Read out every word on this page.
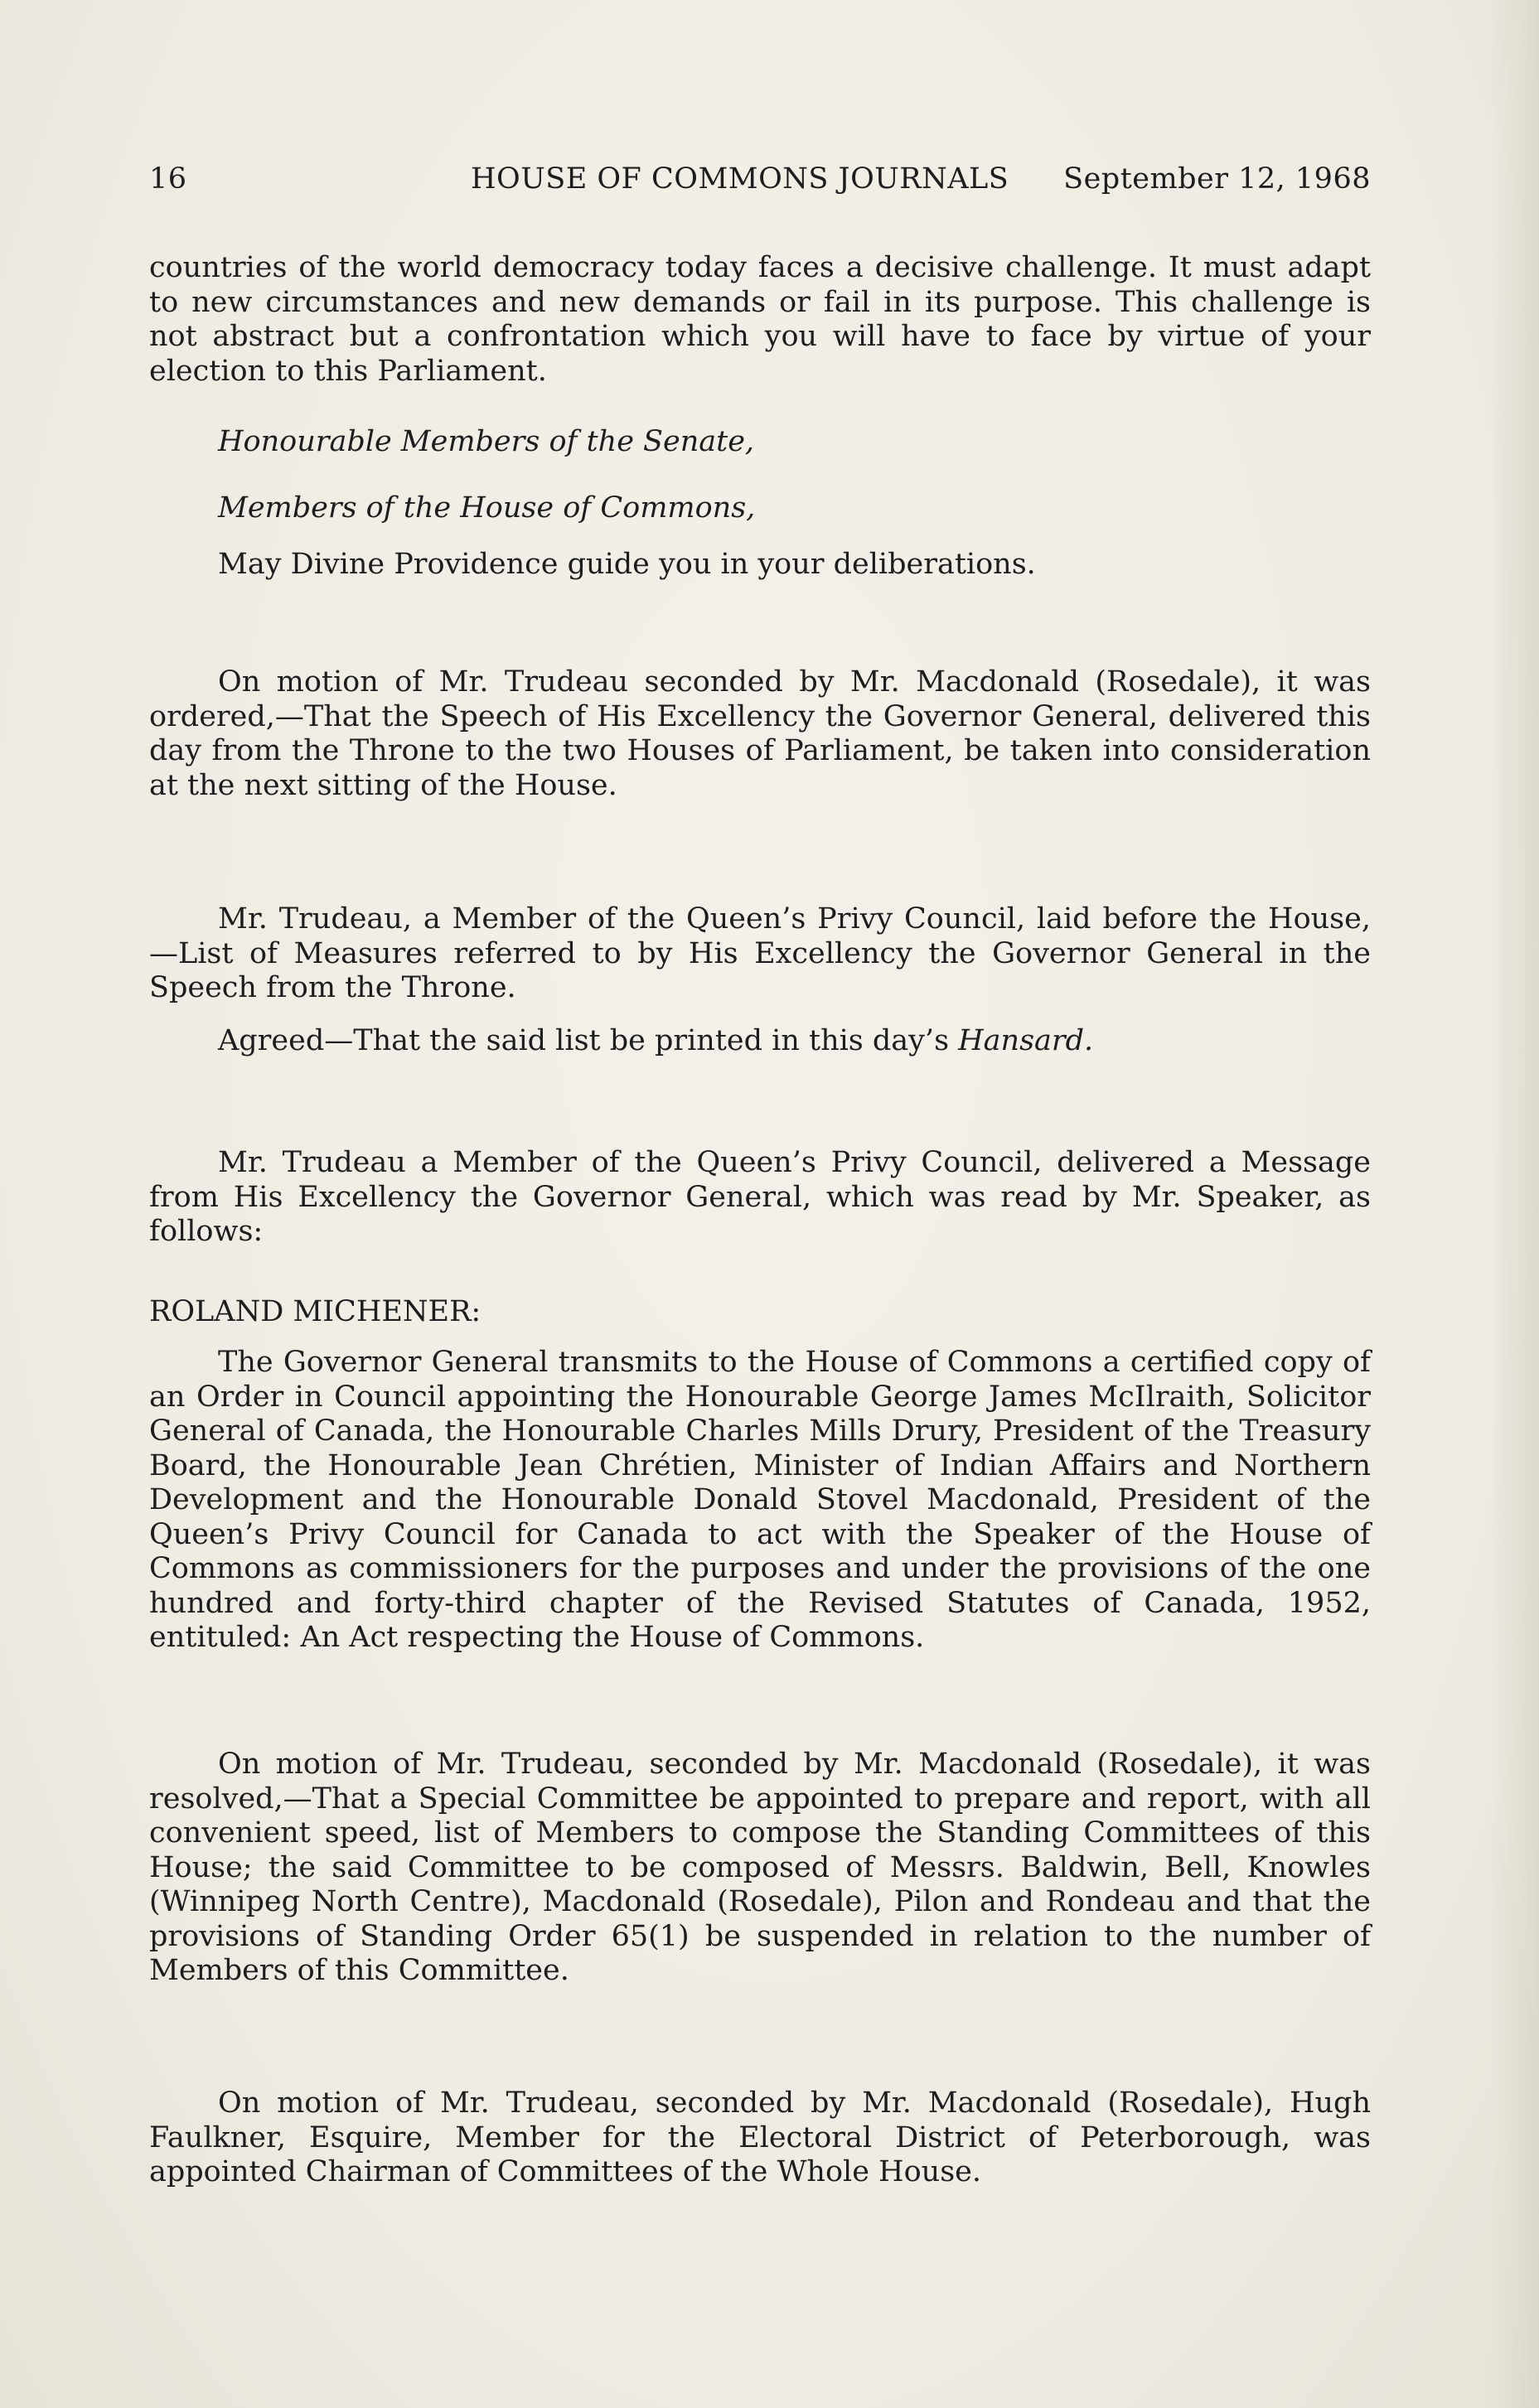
16	HOUSE OF COMMONS JOURNALS September 12, 1968

countries of the world democracy today faces a decisive challenge. It must adapt to new circumstances and new demands or fail in its purpose. This challenge is not abstract but a confrontation which you will have to face by virtue of your election to this Parliament.

Honourable Members of the Senate,

Members of the House of Commons,

May Divine Providence guide you in your deliberations.

On motion of Mr. Trudeau seconded by Mr. Macdonald (Rosedale), it was ordered,—That the Speech of His Excellency the Governor General, delivered this day from the Throne to the two Houses of Parliament, be taken into consideration at the next sitting of the House.

Mr. Trudeau, a Member of the Queen’s Privy Council, laid before the House,—List of Measures referred to by His Excellency the Governor General in the Speech from the Throne.

Agreed—That the said list be printed in this day’s Hansard.

Mr. Trudeau a Member of the Queen’s Privy Council, delivered a Message from His Excellency the Governor General, which was read by Mr. Speaker, as follows:

ROLAND MICHENER:

The Governor General transmits to the House of Commons a certified copy of an Order in Council appointing the Honourable George James McIlraith, Solicitor General of Canada, the Honourable Charles Mills Drury, President of the Treasury Board, the Honourable Jean Chrétien, Minister of Indian Affairs and Northern Development and the Honourable Donald Stovel Macdonald, President of the Queen’s Privy Council for Canada to act with the Speaker of the House of Commons as commissioners for the purposes and under the provisions of the one hundred and forty-third chapter of the Revised Statutes of Canada, 1952, entituled: An Act respecting the House of Commons.

On motion of Mr. Trudeau, seconded by Mr. Macdonald (Rosedale), it was resolved,—That a Special Committee be appointed to prepare and report, with all convenient speed, list of Members to compose the Standing Committees of this House; the said Committee to be composed of Messrs. Baldwin, Bell, Knowles (Winnipeg North Centre), Macdonald (Rosedale), Pilon and Rondeau and that the provisions of Standing Order 65(1) be suspended in relation to the number of Members of this Committee.

On motion of Mr. Trudeau, seconded by Mr. Macdonald (Rosedale), Hugh Faulkner, Esquire, Member for the Electoral District of Peterborough, was appointed Chairman of Committees of the Whole House.
